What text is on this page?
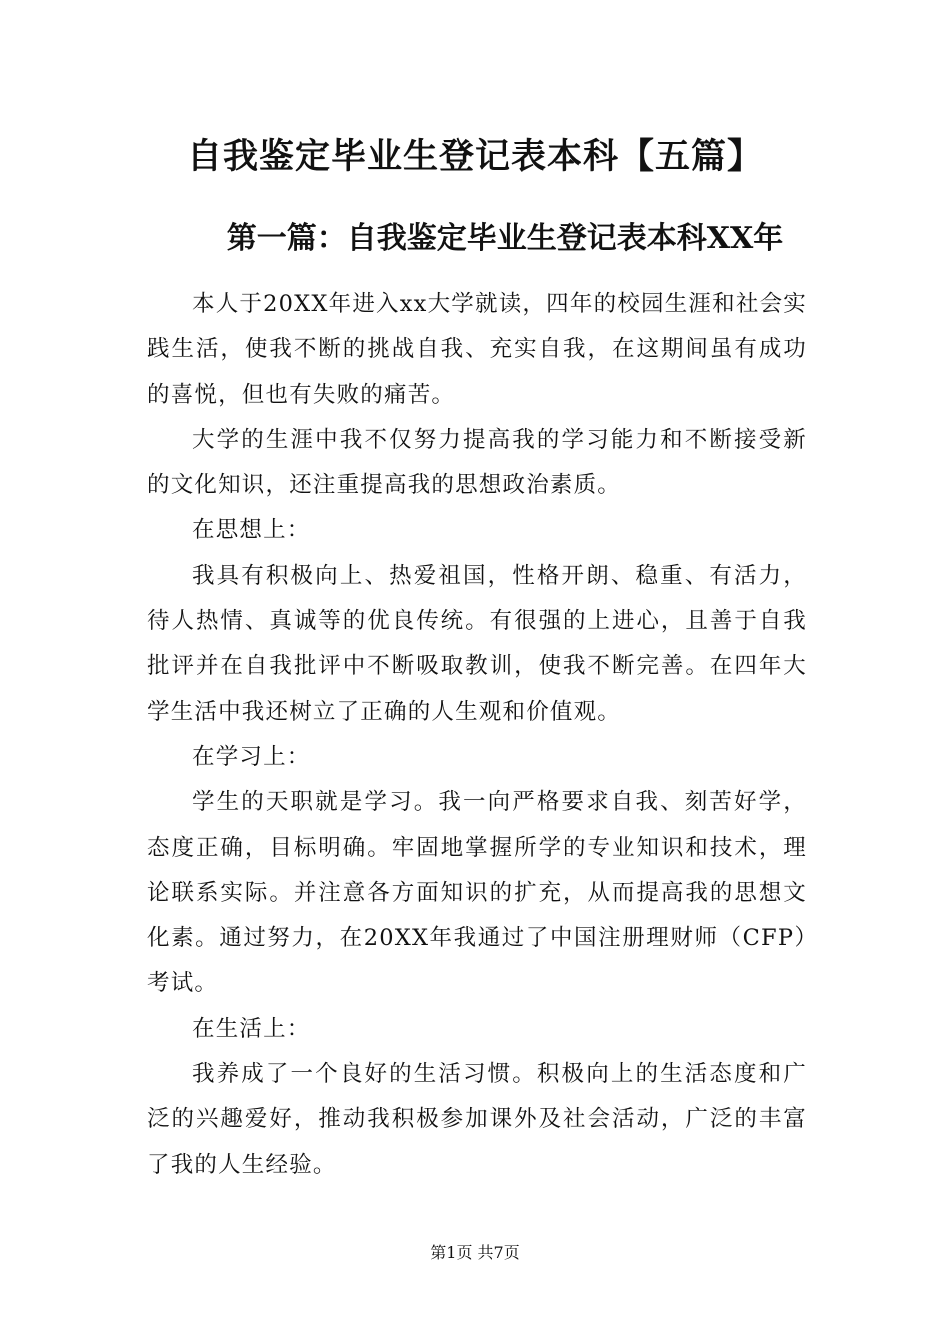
自我鉴定毕业生登记表本科【五篇】
第一篇：自我鉴定毕业生登记表本科XX年

本人于20XX年进入xx大学就读，四年的校园生涯和社会实践生活，使我不断的挑战自我、充实自我，在这期间虽有成功的喜悦，但也有失败的痛苦。

大学的生涯中我不仅努力提高我的学习能力和不断接受新的文化知识，还注重提高我的思想政治素质。

在思想上：

我具有积极向上、热爱祖国，性格开朗、稳重、有活力，待人热情、真诚等的优良传统。有很强的上进心，且善于自我批评并在自我批评中不断吸取教训，使我不断完善。在四年大学生活中我还树立了正确的人生观和价值观。

在学习上：

学生的天职就是学习。我一向严格要求自我、刻苦好学，态度正确，目标明确。牢固地掌握所学的专业知识和技术，理论联系实际。并注意各方面知识的扩充，从而提高我的思想文化素。通过努力，在20XX年我通过了中国注册理财师（CFP）考试。

在生活上：

我养成了一个良好的生活习惯。积极向上的生活态度和广泛的兴趣爱好，推动我积极参加课外及社会活动，广泛的丰富了我的人生经验。

第1页 共7页
